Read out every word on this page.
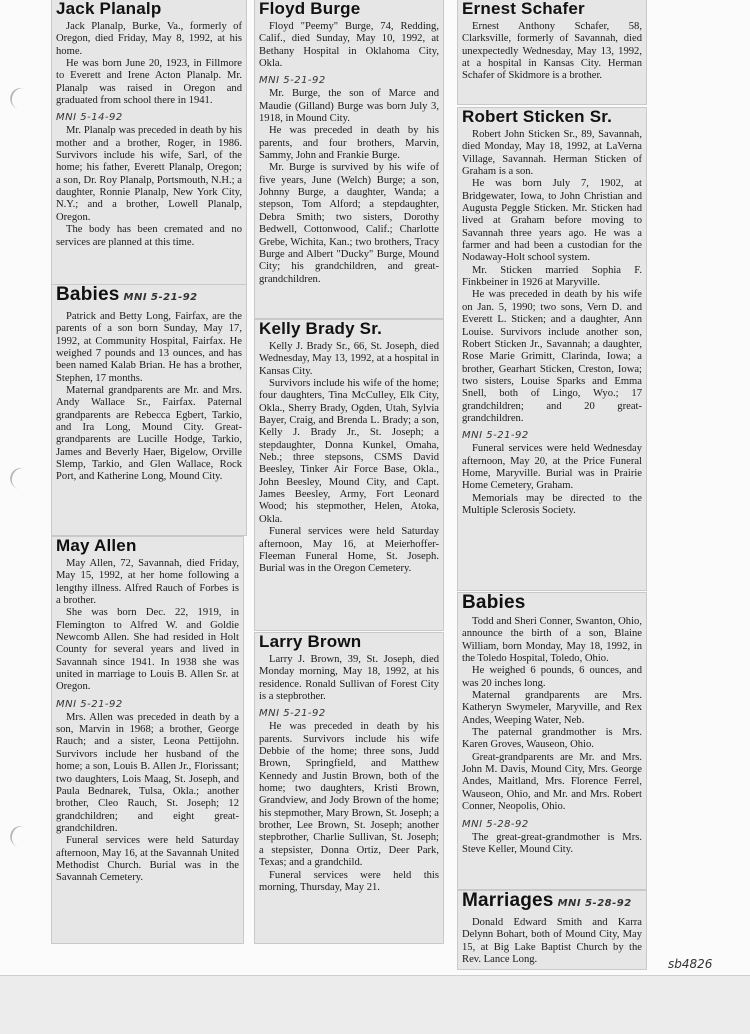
Jack Planalp

Jack Planalp, Burke, Va., formerly of Oregon, died Friday, May 8, 1992, at his home.

He was born June 20, 1923, in Fillmore to Everett and Irene Acton Planalp. Mr. Planalp was raised in Oregon and graduated from school there in 1941.

MNI 5-14-92

Mr. Planalp was preceded in death by his mother and a brother, Roger, in 1986. Survivors include his wife, Sarl, of the home; his father, Everett Planalp, Oregon; a son, Dr. Roy Planalp, Portsmouth, N.H.; a daughter, Ronnie Planalp, New York City, N.Y.; and a brother, Lowell Planalp, Oregon.

The body has been cremated and no services are planned at this time.

Babies MNI 5-21-92

Patrick and Betty Long, Fairfax, are the parents of a son born Sunday, May 17, 1992, at Community Hospital, Fairfax. He weighed 7 pounds and 13 ounces, and has been named Kalab Brian. He has a brother, Stephen, 17 months.

Maternal grandparents are Mr. and Mrs. Andy Wallace Sr., Fairfax. Paternal grandparents are Rebecca Egbert, Tarkio, and Ira Long, Mound City. Great-grandparents are Lucille Hodge, Tarkio, James and Beverly Haer, Bigelow, Orville Slemp, Tarkio, and Glen Wallace, Rock Port, and Katherine Long, Mound City.

May Allen

May Allen, 72, Savannah, died Friday, May 15, 1992, at her home following a lengthy illness. Alfred Rauch of Forbes is a brother.

She was born Dec. 22, 1919, in Flemington to Alfred W. and Goldie Newcomb Allen. She had resided in Holt County for several years and lived in Savannah since 1941. In 1938 she was united in marriage to Louis B. Allen Sr. at Oregon.

MNI 5-21-92

Mrs. Allen was preceded in death by a son, Marvin in 1968; a brother, George Rauch; and a sister, Leona Pettijohn. Survivors include her husband of the home; a son, Louis B. Allen Jr., Florissant; two daughters, Lois Maag, St. Joseph, and Paula Bednarek, Tulsa, Okla.; another brother, Cleo Rauch, St. Joseph; 12 grandchildren; and eight great-grandchildren.

Funeral services were held Saturday afternoon, May 16, at the Savannah United Methodist Church. Burial was in the Savannah Cemetery.

Floyd Burge

Floyd "Peemy" Burge, 74, Redding, Calif., died Sunday, May 10, 1992, at Bethany Hospital in Oklahoma City, Okla.

MNI 5-21-92

Mr. Burge, the son of Marce and Maudie (Gilland) Burge was born July 3, 1918, in Mound City.

He was preceded in death by his parents, and four brothers, Marvin, Sammy, John and Frankie Burge.

Mr. Burge is survived by his wife of five years, June (Welch) Burge; a son, Johnny Burge, a daughter, Wanda; a stepson, Tom Alford; a stepdaughter, Debra Smith; two sisters, Dorothy Bedwell, Cottonwood, Calif.; Charlotte Grebe, Wichita, Kan.; two brothers, Tracy Burge and Albert "Ducky" Burge, Mound City; his grandchildren, and great-grandchildren.

Kelly Brady Sr.

Kelly J. Brady Sr., 66, St. Joseph, died Wednesday, May 13, 1992, at a hospital in Kansas City.

Survivors include his wife of the home; four daughters, Tina McCulley, Elk City, Okla., Sherry Brady, Ogden, Utah, Sylvia Bayer, Craig, and Brenda L. Brady; a son, Kelly J. Brady Jr., St. Joseph; a stepdaughter, Donna Kunkel, Omaha, Neb.; three stepsons, CSMS David Beesley, Tinker Air Force Base, Okla., John Beesley, Mound City, and Capt. James Beesley, Army, Fort Leonard Wood; his stepmother, Helen, Atoka, Okla.

Funeral services were held Saturday afternoon, May 16, at Meierhoffer-Fleeman Funeral Home, St. Joseph. Burial was in the Oregon Cemetery.

Larry Brown

Larry J. Brown, 39, St. Joseph, died Monday morning, May 18, 1992, at his residence. Ronald Sullivan of Forest City is a stepbrother.

MNI 5-21-92

He was preceded in death by his parents. Survivors include his wife Debbie of the home; three sons, Judd Brown, Springfield, and Matthew Kennedy and Justin Brown, both of the home; two daughters, Kristi Brown, Grandview, and Jody Brown of the home; his stepmother, Mary Brown, St. Joseph; a brother, Lee Brown, St. Joseph; another stepbrother, Charlie Sullivan, St. Joseph; a stepsister, Donna Ortiz, Deer Park, Texas; and a grandchild.

Funeral services were held this morning, Thursday, May 21.

Ernest Schafer

Ernest Anthony Schafer, 58, Clarksville, formerly of Savannah, died unexpectedly Wednesday, May 13, 1992, at a hospital in Kansas City. Herman Schafer of Skidmore is a brother.

Robert Sticken Sr.

Robert John Sticken Sr., 89, Savannah, died Monday, May 18, 1992, at LaVerna Village, Savannah. Herman Sticken of Graham is a son.

He was born July 7, 1902, at Bridgewater, Iowa, to John Christian and Augusta Peggle Sticken. Mr. Sticken had lived at Graham before moving to Savannah three years ago. He was a farmer and had been a custodian for the Nodaway-Holt school system.

Mr. Sticken married Sophia F. Finkbeiner in 1926 at Maryville.

He was preceded in death by his wife on Jan. 5, 1990; two sons, Vern D. and Everett L. Sticken; and a daughter, Ann Louise. Survivors include another son, Robert Sticken Jr., Savannah; a daughter, Rose Marie Grimitt, Clarinda, Iowa; a brother, Gearhart Sticken, Creston, Iowa; two sisters, Louise Sparks and Emma Snell, both of Lingo, Wyo.; 17 grandchildren; and 20 great-grandchildren.

MNI 5-21-92

Funeral services were held Wednesday afternoon, May 20, at the Price Funeral Home, Maryville. Burial was in Prairie Home Cemetery, Graham.

Memorials may be directed to the Multiple Sclerosis Society.

Babies

Todd and Sheri Conner, Swanton, Ohio, announce the birth of a son, Blaine William, born Monday, May 18, 1992, in the Toledo Hospital, Toledo, Ohio.

He weighed 6 pounds, 6 ounces, and was 20 inches long.

Maternal grandparents are Mrs. Katheryn Swymeler, Maryville, and Rex Andes, Weeping Water, Neb.

The paternal grandmother is Mrs. Karen Groves, Wauseon, Ohio.

Great-grandparents are Mr. and Mrs. John M. Davis, Mound City, Mrs. George Andes, Maitland, Mrs. Florence Ferrel, Wauseon, Ohio, and Mr. and Mrs. Robert Conner, Neopolis, Ohio.

MNI 5-28-92

The great-great-grandmother is Mrs. Steve Keller, Mound City.

Marriages MNI 5-28-92

Donald Edward Smith and Karra Delynn Bohart, both of Mound City, May 15, at Big Lake Baptist Church by the Rev. Lance Long.	sb4826
